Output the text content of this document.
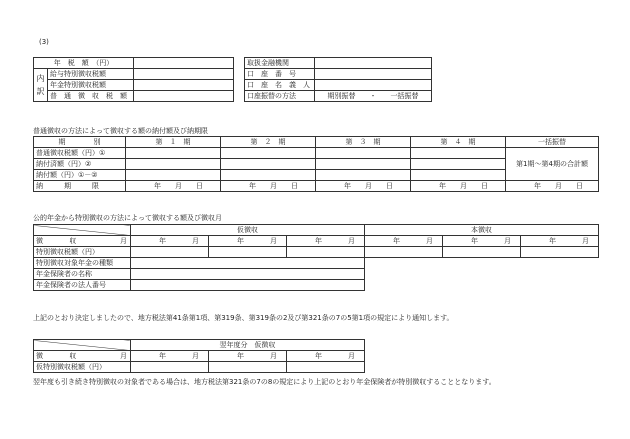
(3)
年　税　額　（円）		
内
訳	給与特別徴収税額	
	年金特別徴収税額	
	普　通　徴　収　税　額	
取扱金融機関	
口　座　番　号	
口　座　名　義　人	
口座振替の方法	期別振替　　・　　一括振替
普通徴収の方法によって徴収する額の納付額及び納期限
期　　　　別	第　１　期	第　２　期	第　３　期	第　４　期	一括振替
普通徴収税額（円）①					第1期～第4期の合計額
納付済額（円）②					
納付額（円）①－②					
納　　　期　　　限	年 月 日	年 月 日	年 月 日	年 月 日	年 月 日
公的年金から特別徴収の方法によって徴収する額及び徴収月
	仮徴収			本徴収		
徴 収 月	年 月	年 月	年 月	年 月	年 月	年 月
特別徴収税額（円）						
特別徴収対象年金の種類						
年金保険者の名称						
年金保険者の法人番号						
上記のとおり決定しましたので、地方税法第41条第1項、第319条、第319条の2及び第321条の7の5第1項の規定により通知します。
	翌年度分　仮徴収		
徴 収 月	年 月	年 月	年 月
仮特別徴収税額（円）			
翌年度も引き続き特別徴収の対象者である場合は、地方税法第321条の7の8の規定により上記のとおり年金保険者が特別徴収することとなります。
